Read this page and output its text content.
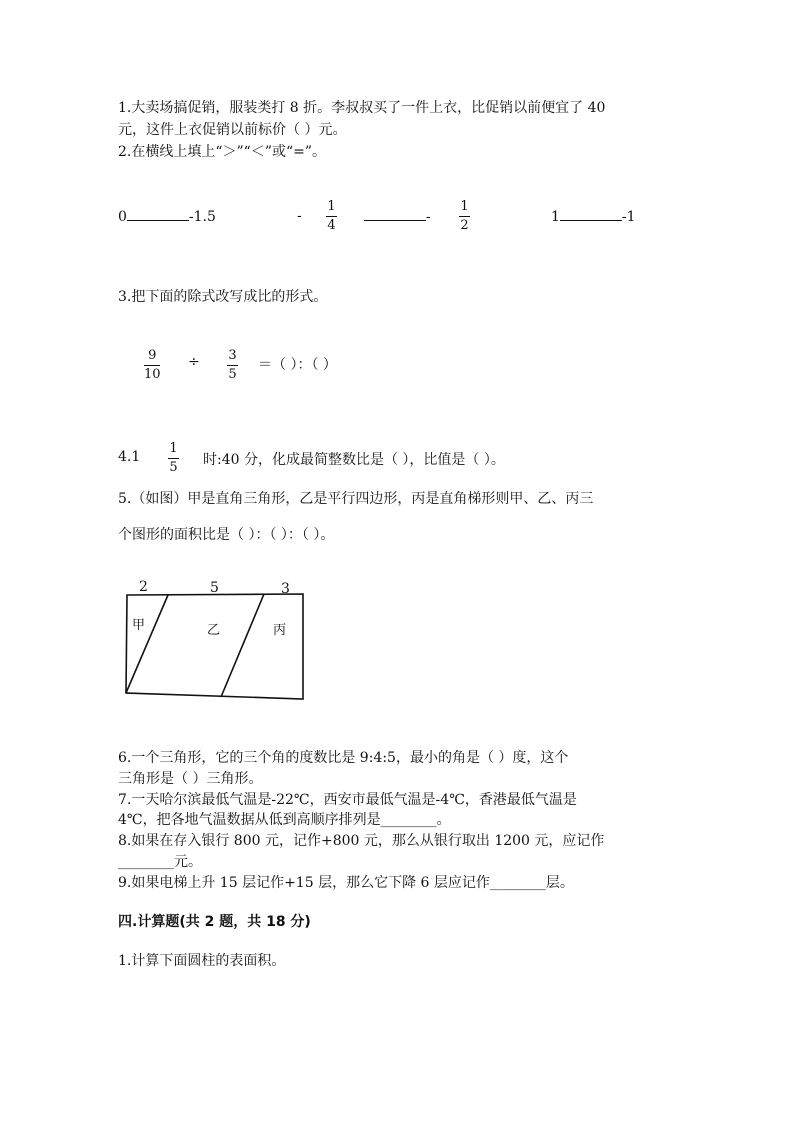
1.大卖场搞促销，服装类打 8 折。李叔叔买了一件上衣，比促销以前便宜了 40
元，这件上衣促销以前标价（ ）元。
2.在横线上填上“＞”“＜”或“=”。
0	-1.5	-
1
4
-
1
2
1	-1
3.把下面的除式改写成比的形式。
9
10
÷ 3
5
＝（ ）：（ ）
4.1
1
5 时:40 分，化成最简整数比是（ ），比值是（ ）。
5.（如图）甲是直角三角形，乙是平行四边形，丙是直角梯形则甲、乙、丙三
个图形的面积比是（ ）：（ ）：（ ）。
2	5	3
甲	乙	丙
6.一个三角形，它的三个角的度数比是 9:4:5，最小的角是（ ）度，这个
三角形是（ ）三角形。
7.一天哈尔滨最低气温是-22℃，西安市最低气温是-4℃，香港最低气温是
4℃，把各地气温数据从低到高顺序排列是________。
8.如果在存入银行 800 元，记作+800 元，那么从银行取出 1200 元，应记作
________元。
9.如果电梯上升 15 层记作+15 层，那么它下降 6 层应记作________层。
四.计算题(共 2 题，共 18 分)
1.计算下面圆柱的表面积。
